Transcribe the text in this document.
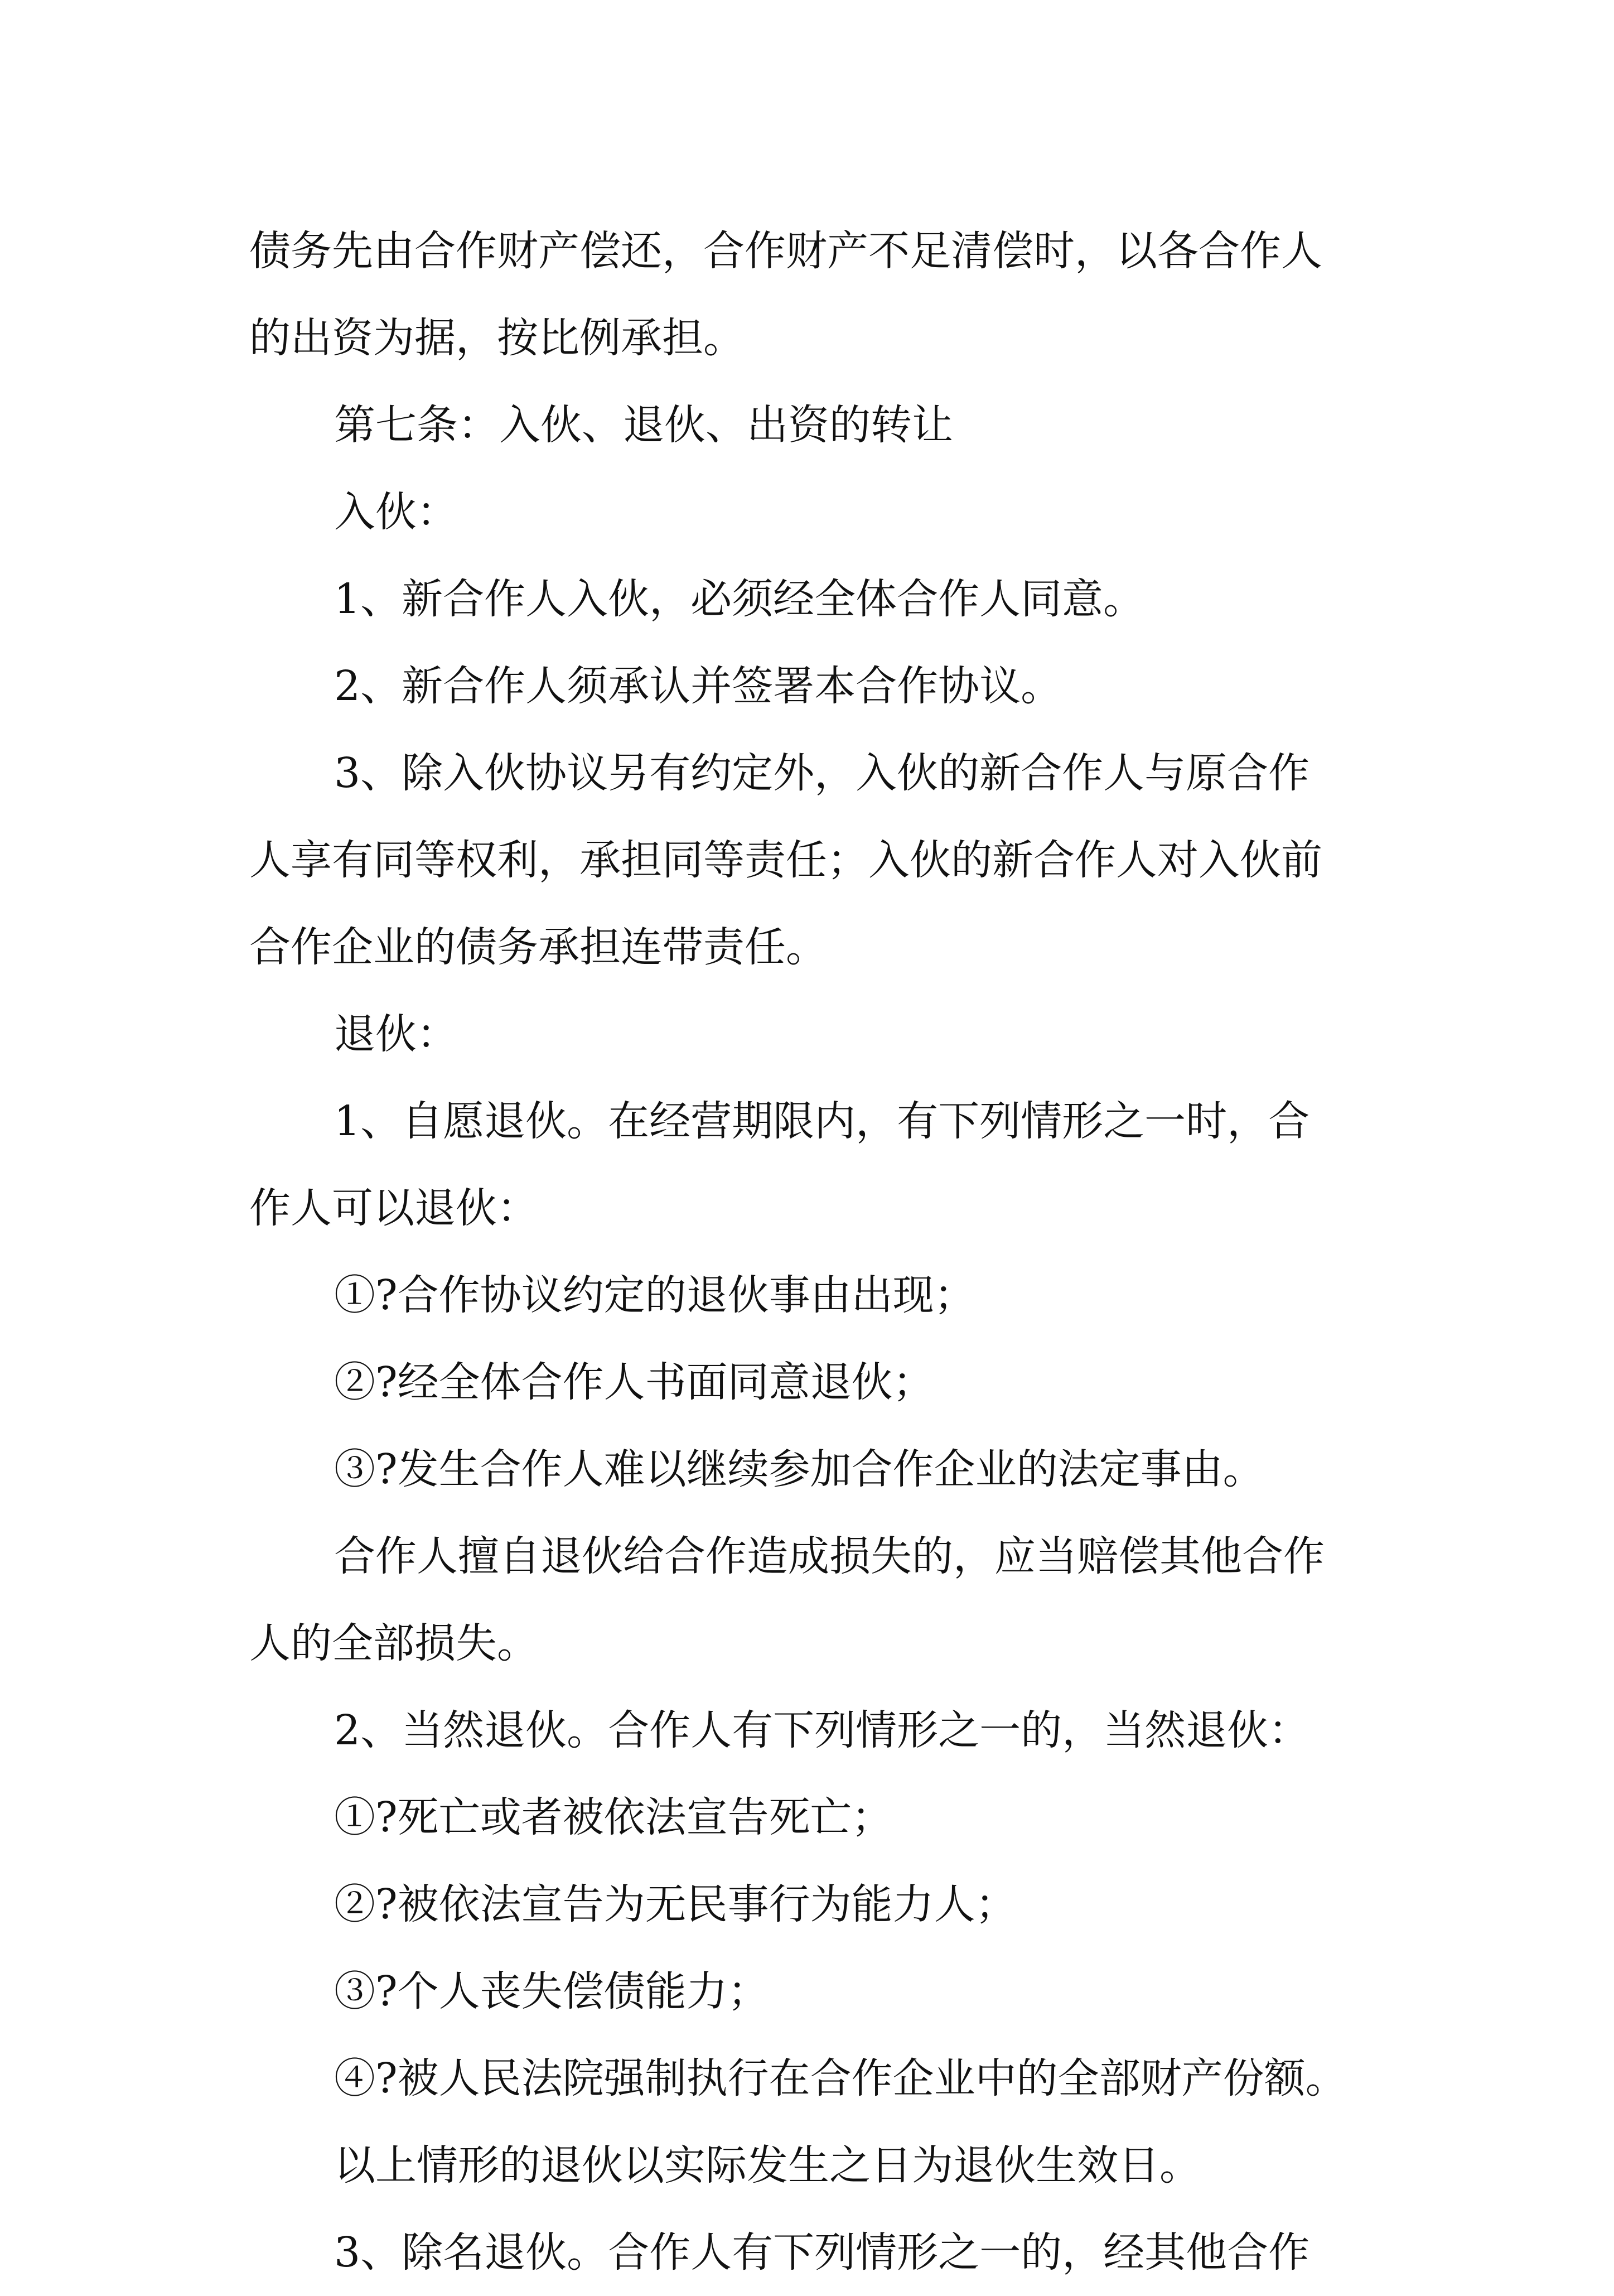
债务先由合作财产偿还，合作财产不足清偿时，以各合作人
的出资为据，按比例承担。
第七条：入伙、退伙、出资的转让
入伙：
1、新合作人入伙，必须经全体合作人同意。
2、新合作人须承认并签署本合作协议。
3、除入伙协议另有约定外，入伙的新合作人与原合作
人享有同等权利，承担同等责任；入伙的新合作人对入伙前
合作企业的债务承担连带责任。
退伙：
1、自愿退伙。在经营期限内，有下列情形之一时，合
作人可以退伙：
①?合作协议约定的退伙事由出现；
②?经全体合作人书面同意退伙；
③?发生合作人难以继续参加合作企业的法定事由。
合作人擅自退伙给合作造成损失的，应当赔偿其他合作
人的全部损失。
2、当然退伙。合作人有下列情形之一的，当然退伙：
①?死亡或者被依法宣告死亡；
②?被依法宣告为无民事行为能力人；
③?个人丧失偿债能力；
④?被人民法院强制执行在合作企业中的全部财产份额。
以上情形的退伙以实际发生之日为退伙生效日。
3、除名退伙。合作人有下列情形之一的，经其他合作
